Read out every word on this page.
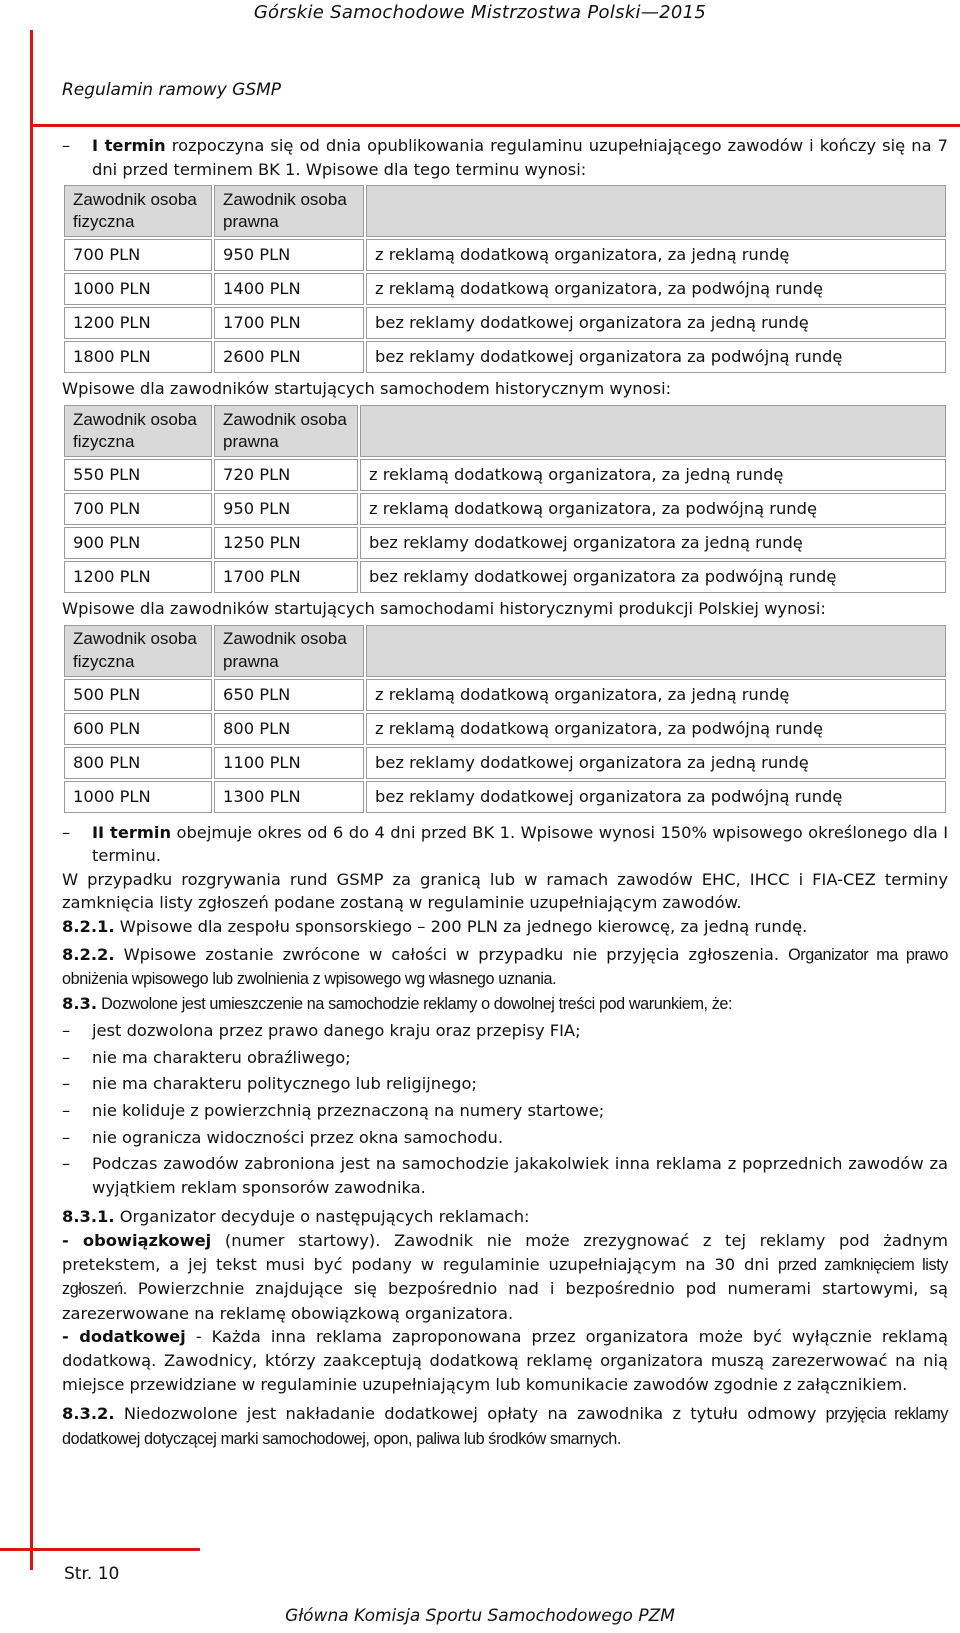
Górskie Samochodowe Mistrzostwa Polski—2015
Regulamin ramowy GSMP

– I termin rozpoczyna się od dnia opublikowania regulaminu uzupełniającego zawodów i kończy się na 7 dni przed terminem BK 1. Wpisowe dla tego terminu wynosi:

Zawodnik osoba fizyczna	Zawodnik osoba prawna	
700 PLN	950 PLN	z reklamą dodatkową organizatora, za jedną rundę
1000 PLN	1400 PLN	z reklamą dodatkową organizatora, za podwójną rundę
1200 PLN	1700 PLN	bez reklamy dodatkowej organizatora za jedną rundę
1800 PLN	2600 PLN	bez reklamy dodatkowej organizatora za podwójną rundę

Wpisowe dla zawodników startujących samochodem historycznym wynosi:

Zawodnik osoba fizyczna	Zawodnik osoba prawna	
550 PLN	720 PLN	z reklamą dodatkową organizatora, za jedną rundę
700 PLN	950 PLN	z reklamą dodatkową organizatora, za podwójną rundę
900 PLN	1250 PLN	bez reklamy dodatkowej organizatora za jedną rundę
1200 PLN	1700 PLN	bez reklamy dodatkowej organizatora za podwójną rundę

Wpisowe dla zawodników startujących samochodami historycznymi produkcji Polskiej wynosi:

Zawodnik osoba fizyczna	Zawodnik osoba prawna	
500 PLN	650 PLN	z reklamą dodatkową organizatora, za jedną rundę
600 PLN	800 PLN	z reklamą dodatkową organizatora, za podwójną rundę
800 PLN	1100 PLN	bez reklamy dodatkowej organizatora za jedną rundę
1000 PLN	1300 PLN	bez reklamy dodatkowej organizatora za podwójną rundę

– II termin obejmuje okres od 6 do 4 dni przed BK 1. Wpisowe wynosi 150% wpisowego określonego dla I terminu.

W przypadku rozgrywania rund GSMP za granicą lub w ramach zawodów EHC, IHCC i FIA-CEZ terminy zamknięcia listy zgłoszeń podane zostaną w regulaminie uzupełniającym zawodów.

8.2.1. Wpisowe dla zespołu sponsorskiego – 200 PLN za jednego kierowcę, za jedną rundę.

8.2.2. Wpisowe zostanie zwrócone w całości w przypadku nie przyjęcia zgłoszenia. Organizator ma prawo obniżenia wpisowego lub zwolnienia z wpisowego wg własnego uznania.

8.3. Dozwolone jest umieszczenie na samochodzie reklamy o dowolnej treści pod warunkiem, że:

– jest dozwolona przez prawo danego kraju oraz przepisy FIA;

– nie ma charakteru obraźliwego;

– nie ma charakteru politycznego lub religijnego;

– nie koliduje z powierzchnią przeznaczoną na numery startowe;

– nie ogranicza widoczności przez okna samochodu.

– Podczas zawodów zabroniona jest na samochodzie jakakolwiek inna reklama z poprzednich zawodów za wyjątkiem reklam sponsorów zawodnika.

8.3.1. Organizator decyduje o następujących reklamach:

- obowiązkowej (numer startowy). Zawodnik nie może zrezygnować z tej reklamy pod żadnym pretekstem, a jej tekst musi być podany w regulaminie uzupełniającym na 30 dni przed zamknięciem listy zgłoszeń. Powierzchnie znajdujące się bezpośrednio nad i bezpośrednio pod numerami startowymi, są zarezerwowane na reklamę obowiązkową organizatora.

- dodatkowej - Każda inna reklama zaproponowana przez organizatora może być wyłącznie reklamą dodatkową. Zawodnicy, którzy zaakceptują dodatkową reklamę organizatora muszą zarezerwować na nią miejsce przewidziane w regulaminie uzupełniającym lub komunikacie zawodów zgodnie z załącznikiem.

8.3.2. Niedozwolone jest nakładanie dodatkowej opłaty na zawodnika z tytułu odmowy przyjęcia reklamy dodatkowej dotyczącej marki samochodowej, opon, paliwa lub środków smarnych.

Str. 10
Główna Komisja Sportu Samochodowego PZM
